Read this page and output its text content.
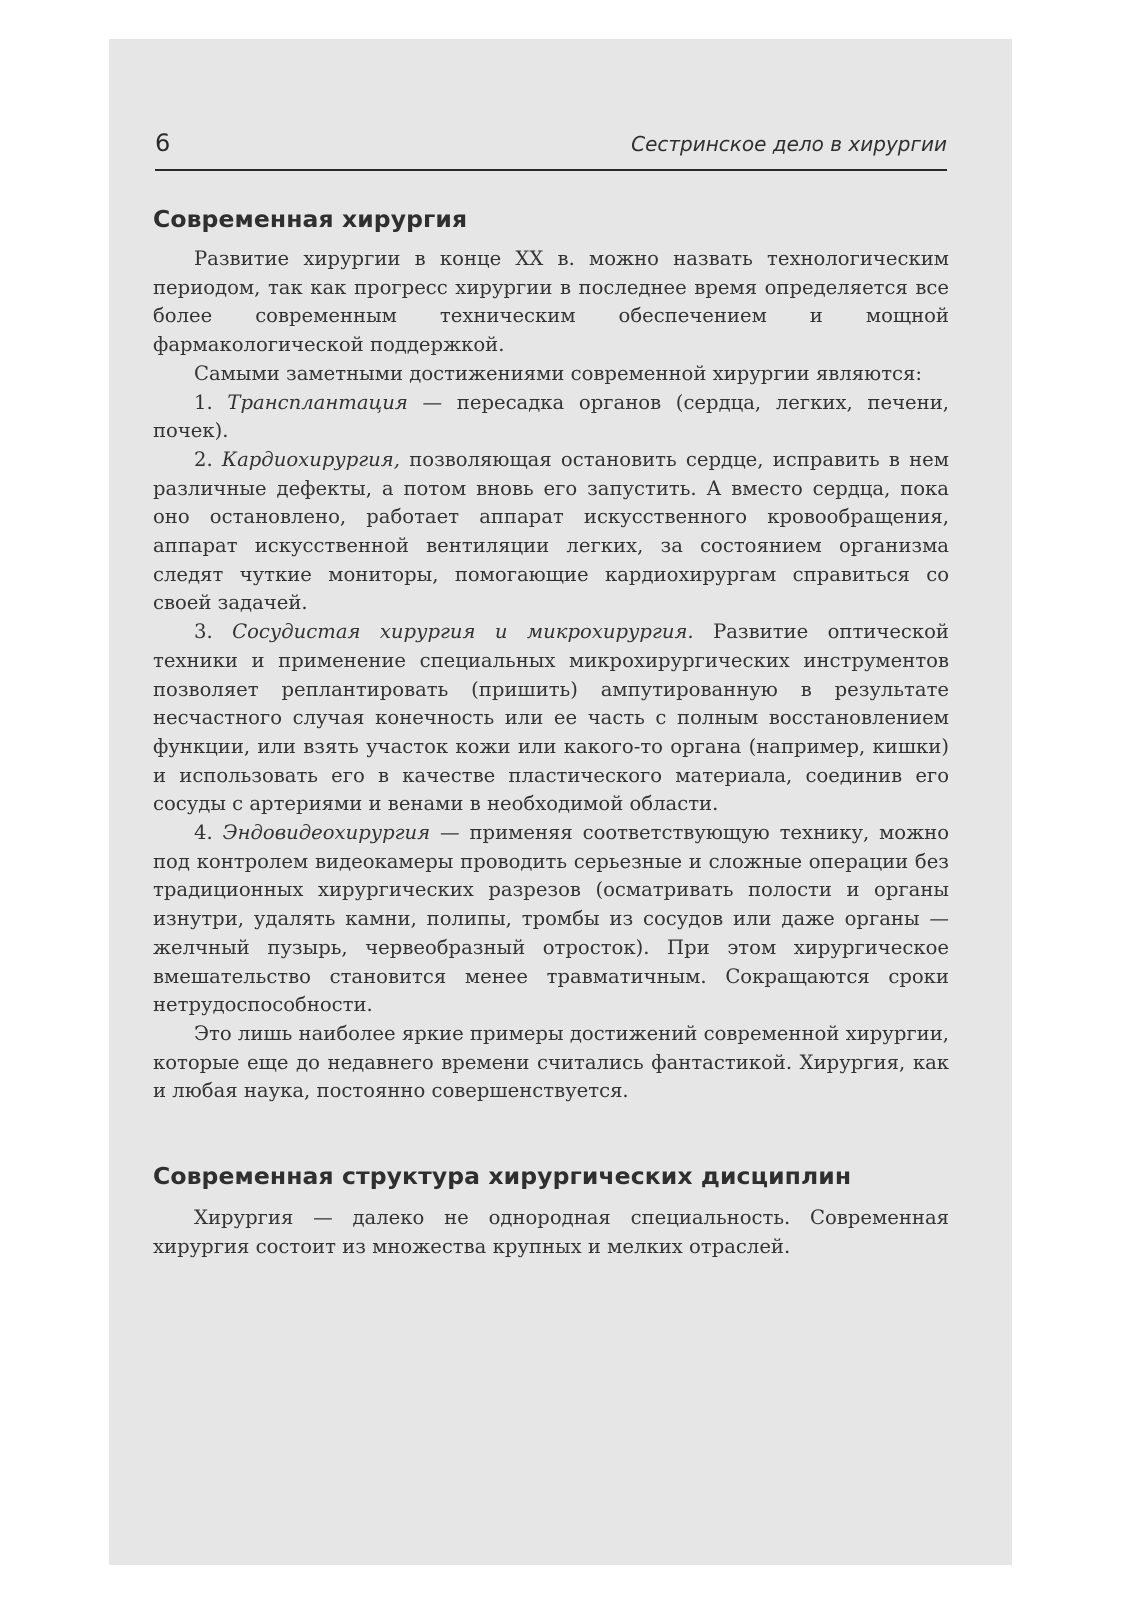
6	Сестринское дело в хирургии
Современная хирургия

Развитие хирургии в конце XX в. можно назвать технологическим периодом, так как прогресс хирургии в последнее время определяется все более современным техническим обеспечением и мощной фармакологической поддержкой.

Самыми заметными достижениями современной хирургии являются:

1. Трансплантация — пересадка органов (сердца, легких, печени, почек).

2. Кардиохирургия, позволяющая остановить сердце, исправить в нем различные дефекты, а потом вновь его запустить. А вместо сердца, пока оно остановлено, работает аппарат искусственного кровообращения, аппарат искусственной вентиляции легких, за состоянием организма следят чуткие мониторы, помогающие кардиохирургам справиться со своей задачей.

3. Сосудистая хирургия и микрохирургия. Развитие оптической техники и применение специальных микрохирургических инструментов позволяет реплантировать (пришить) ампутированную в результате несчастного случая конечность или ее часть с полным восстановлением функции, или взять участок кожи или какого-то органа (например, кишки) и использовать его в качестве пластического материала, соединив его сосуды с артериями и венами в необходимой области.

4. Эндовидеохирургия — применяя соответствующую технику, можно под контролем видеокамеры проводить серьезные и сложные операции без традиционных хирургических разрезов (осматривать полости и органы изнутри, удалять камни, полипы, тромбы из сосудов или даже органы — желчный пузырь, червеобразный отросток). При этом хирургическое вмешательство становится менее травматичным. Сокращаются сроки нетрудоспособности.

Это лишь наиболее яркие примеры достижений современной хирургии, которые еще до недавнего времени считались фантастикой. Хирургия, как и любая наука, постоянно совершенствуется.

Современная структура хирургических дисциплин

Хирургия — далеко не однородная специальность. Современная хирургия состоит из множества крупных и мелких отраслей.
